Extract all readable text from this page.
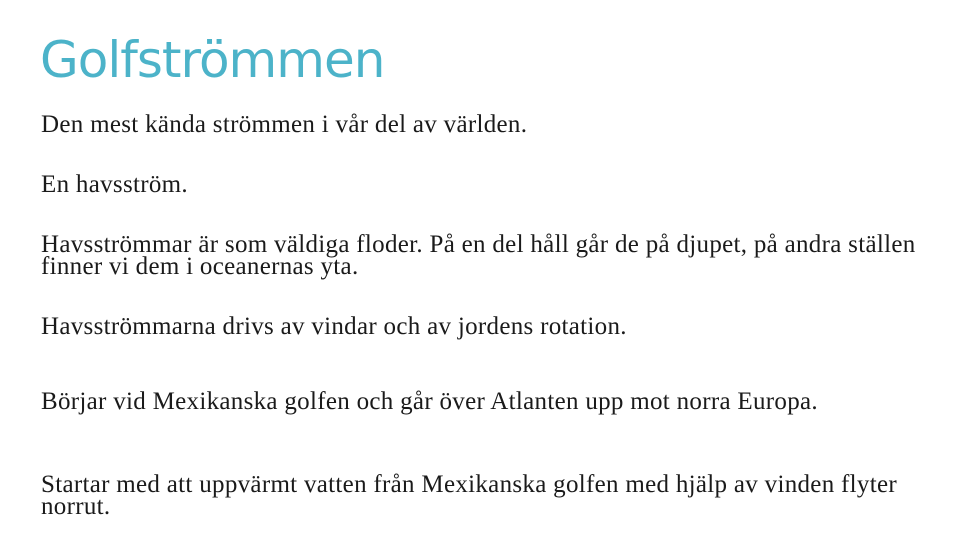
Golfströmmen

Den mest kända strömmen i vår del av världen.

En havsström.

Havsströmmar är som väldiga floder. På en del håll går de på djupet, på andra ställen finner vi dem i oceanernas yta.

Havsströmmarna drivs av vindar och av jordens rotation.

Börjar vid Mexikanska golfen och går över Atlanten upp mot norra Europa.

Startar med att uppvärmt vatten från Mexikanska golfen med hjälp av vinden flyter norrut.
